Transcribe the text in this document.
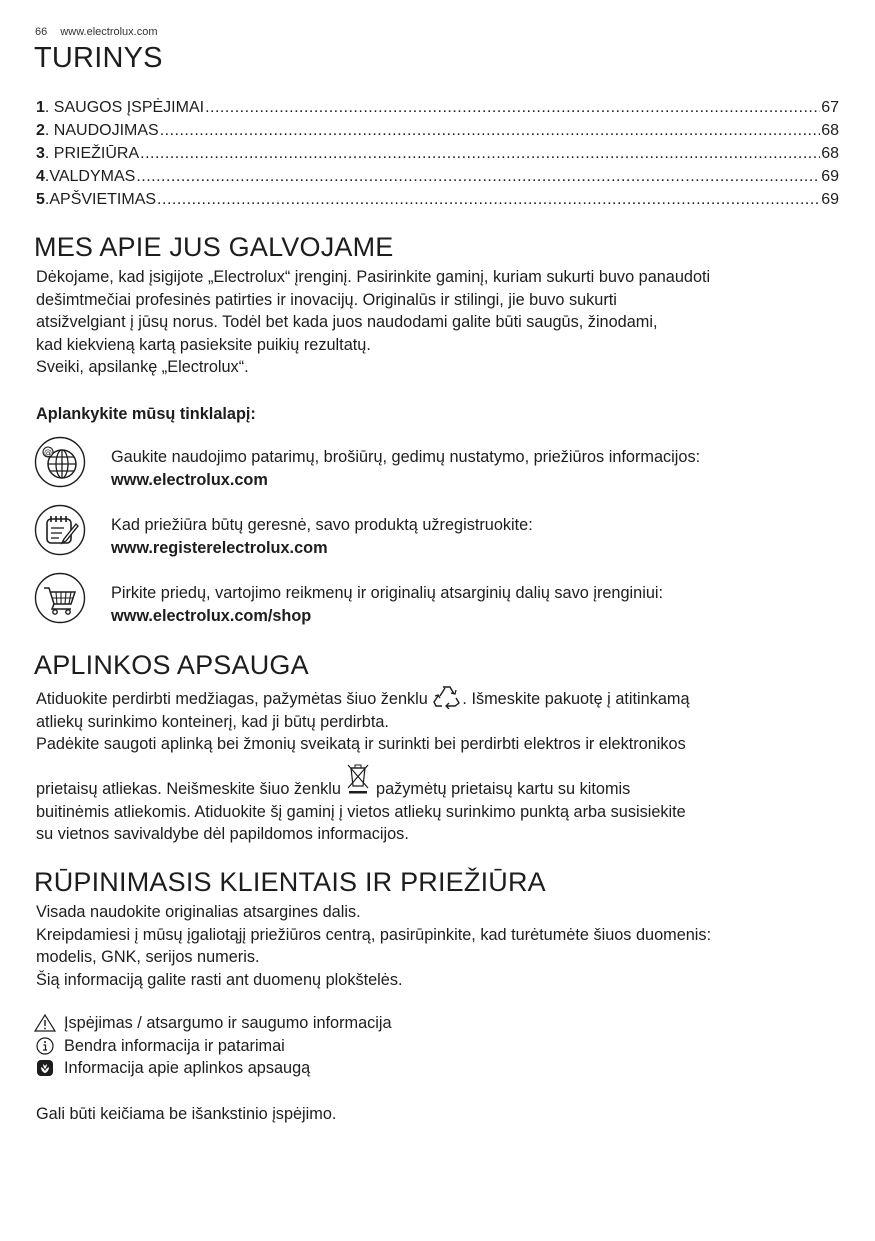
66 www.electrolux.com
TURINYS
1 . SAUGOS ĮSPĖJIMAI .....	67
2 . NAUDOJIMAS .....	68
3 . PRIEŽIŪRA .....	68
4 .VALDYMAS .....	69
5 .APŠVIETIMAS .....	69
MES APIE JUS GALVOJAME
Dėkojame, kad įsigijote „Electrolux“ įrenginį. Pasirinkite gaminį, kuriam sukurti buvo panaudoti
dešimtmečiai profesinės patirties ir inovacijų. Originalūs ir stilingi, jie buvo sukurti
atsižvelgiant į jūsų norus. Todėl bet kada juos naudodami galite būti saugūs, žinodami,
kad kiekvieną kartą pasieksite puikių rezultatų.
Sveiki, apsilankę „Electrolux“.
Aplankykite mūsų tinklalapį:
@	Gaukite naudojimo patarimų, brošiūrų, gedimų nustatymo, priežiūros informacijos:
www.electrolux.com
Kad priežiūra būtų geresnė, savo produktą užregistruokite:
www.registerelectrolux.com
Pirkite priedų, vartojimo reikmenų ir originalių atsarginių dalių savo įrenginiui:
www.electrolux.com/shop
APLINKOS APSAUGA
Atiduokite perdirbti medžiagas, pažymėtas šiuo ženklu . Išmeskite pakuotę į atitinkamą
atliekų surinkimo konteinerį, kad ji būtų perdirbta.
Padėkite saugoti aplinką bei žmonių sveikatą ir surinkti bei perdirbti elektros ir elektronikos
prietaisų atliekas. Neišmeskite šiuo ženklu  pažymėtų prietaisų kartu su kitomis
buitinėmis atliekomis. Atiduokite šį gaminį į vietos atliekų surinkimo punktą arba susisiekite
su vietnos savivaldybe dėl papildomos informacijos.
RŪPINIMASIS KLIENTAIS IR PRIEŽIŪRA
Visada naudokite originalias atsargines dalis.
Kreipdamiesi į mūsų įgaliotąjį priežiūros centrą, pasirūpinkite, kad turėtumėte šiuos duomenis:
modelis, GNK, serijos numeris.
Šią informaciją galite rasti ant duomenų plokštelės.
Įspėjimas / atsargumo ir saugumo informacija
Bendra informacija ir patarimai
Informacija apie aplinkos apsaugą
Gali būti keičiama be išankstinio įspėjimo.
